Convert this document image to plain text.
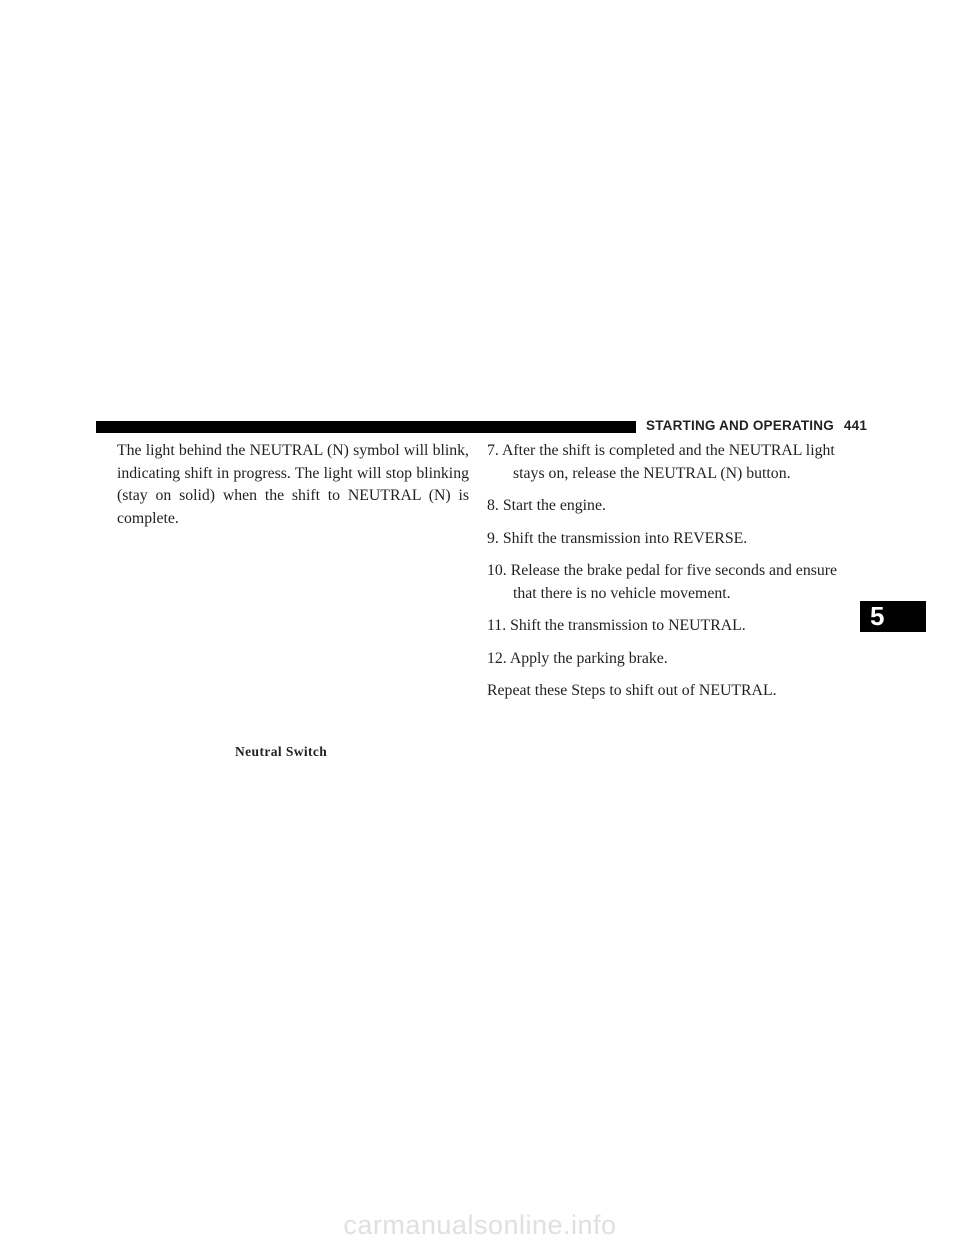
STARTING AND OPERATING 441

The light behind the NEUTRAL (N) symbol will blink, indicating shift in progress. The light will stop blinking (stay on solid) when the shift to NEUTRAL (N) is complete.

Neutral Switch
7. After the shift is completed and the NEUTRAL light
stays on, release the NEUTRAL (N) button.
8. Start the engine.
9. Shift the transmission into REVERSE.
10. Release the brake pedal for five seconds and ensure
that there is no vehicle movement.
11. Shift the transmission to NEUTRAL.
12. Apply the parking brake.

Repeat these Steps to shift out of NEUTRAL.

5
carmanualsonline.info
